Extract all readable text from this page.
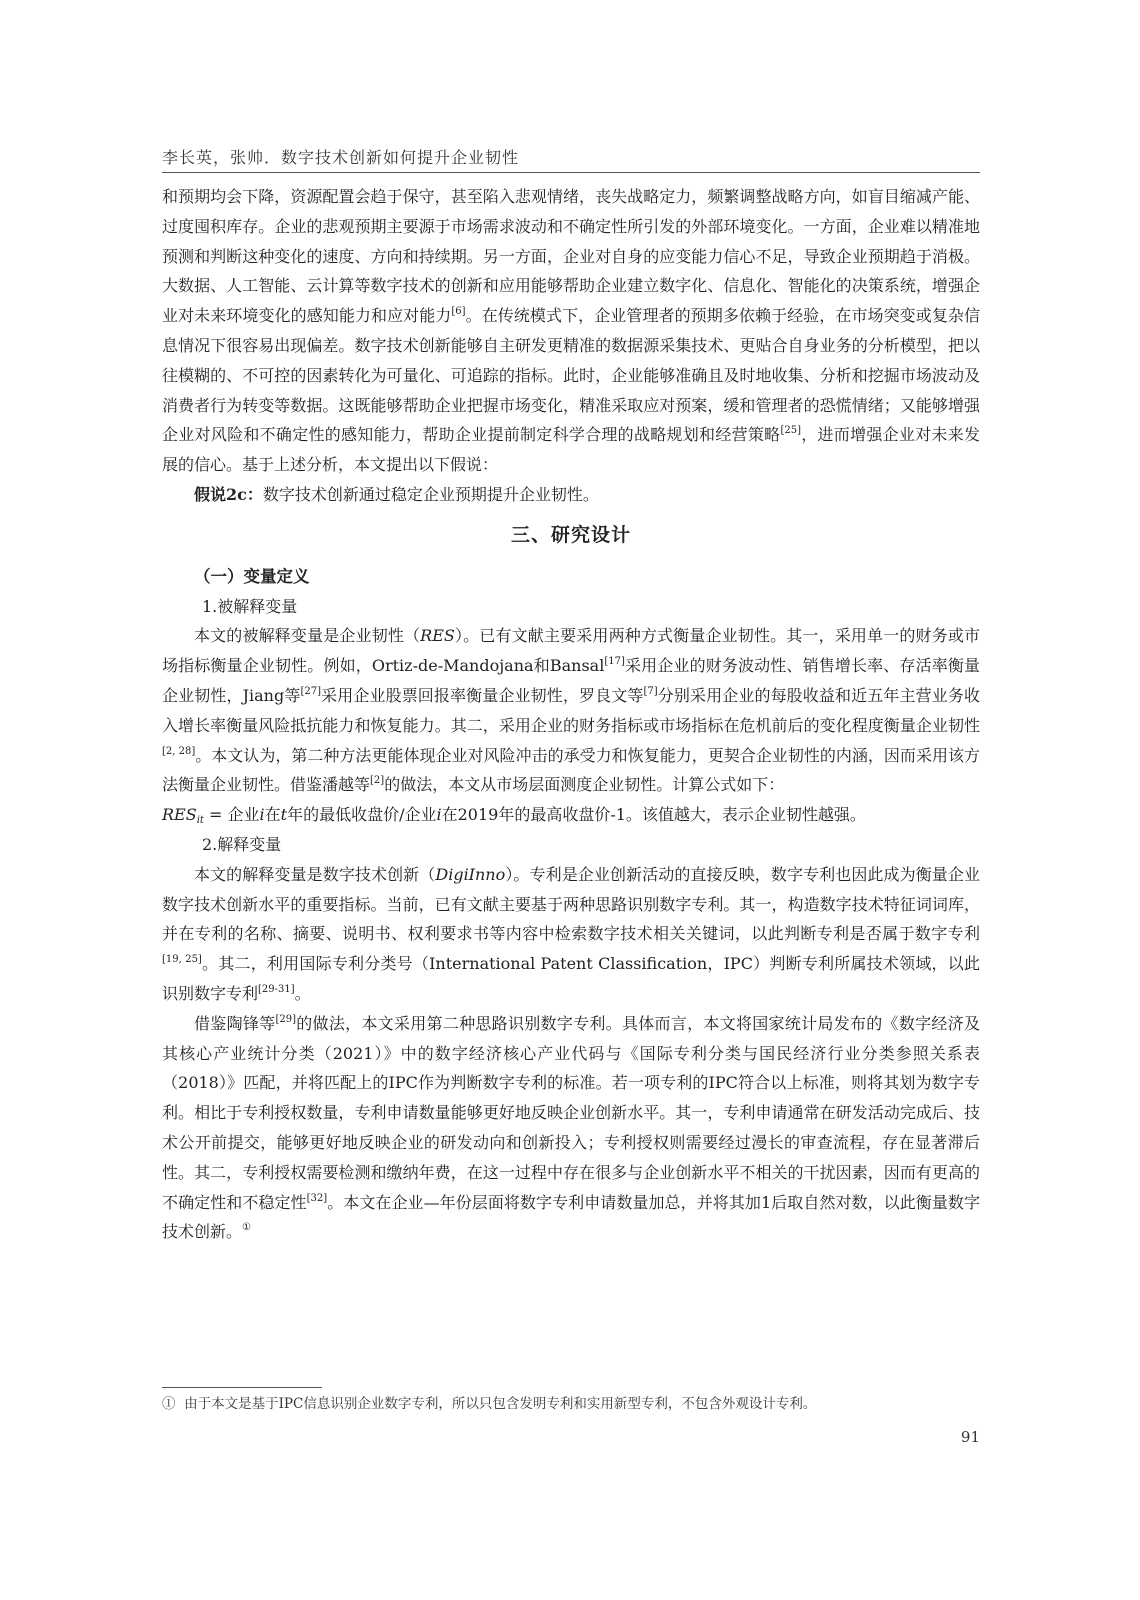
李长英，张帅．数字技术创新如何提升企业韧性

和预期均会下降，资源配置会趋于保守，甚至陷入悲观情绪，丧失战略定力，频繁调整战略方向，如盲目缩减产能、过度囤积库存。企业的悲观预期主要源于市场需求波动和不确定性所引发的外部环境变化。一方面，企业难以精准地预测和判断这种变化的速度、方向和持续期。另一方面，企业对自身的应变能力信心不足，导致企业预期趋于消极。大数据、人工智能、云计算等数字技术的创新和应用能够帮助企业建立数字化、信息化、智能化的决策系统，增强企业对未来环境变化的感知能力和应对能力[6]。在传统模式下，企业管理者的预期多依赖于经验，在市场突变或复杂信息情况下很容易出现偏差。数字技术创新能够自主研发更精准的数据源采集技术、更贴合自身业务的分析模型，把以往模糊的、不可控的因素转化为可量化、可追踪的指标。此时，企业能够准确且及时地收集、分析和挖掘市场波动及消费者行为转变等数据。这既能够帮助企业把握市场变化，精准采取应对预案，缓和管理者的恐慌情绪；又能够增强企业对风险和不确定性的感知能力，帮助企业提前制定科学合理的战略规划和经营策略[25]，进而增强企业对未来发展的信心。基于上述分析，本文提出以下假说：

假说2c：数字技术创新通过稳定企业预期提升企业韧性。

三、研究设计

（一）变量定义

1.被解释变量

本文的被解释变量是企业韧性（RES）。已有文献主要采用两种方式衡量企业韧性。其一，采用单一的财务或市场指标衡量企业韧性。例如，Ortiz-de-Mandojana和Bansal[17]采用企业的财务波动性、销售增长率、存活率衡量企业韧性，Jiang等[27]采用企业股票回报率衡量企业韧性，罗良文等[7]分别采用企业的每股收益和近五年主营业务收入增长率衡量风险抵抗能力和恢复能力。其二，采用企业的财务指标或市场指标在危机前后的变化程度衡量企业韧性[2, 28]。本文认为，第二种方法更能体现企业对风险冲击的承受力和恢复能力，更契合企业韧性的内涵，因而采用该方法衡量企业韧性。借鉴潘越等[2]的做法，本文从市场层面测度企业韧性。计算公式如下：

$RES_{it}$ = 企业i在t年的最低收盘价/企业i在2019年的最高收盘价-1。该值越大，表示企业韧性越强。

2.解释变量

本文的解释变量是数字技术创新（DigiInno）。专利是企业创新活动的直接反映，数字专利也因此成为衡量企业数字技术创新水平的重要指标。当前，已有文献主要基于两种思路识别数字专利。其一，构造数字技术特征词词库，并在专利的名称、摘要、说明书、权利要求书等内容中检索数字技术相关关键词，以此判断专利是否属于数字专利[19, 25]。其二，利用国际专利分类号（International Patent Classification，IPC）判断专利所属技术领域，以此识别数字专利[29-31]。

借鉴陶锋等[29]的做法，本文采用第二种思路识别数字专利。具体而言，本文将国家统计局发布的《数字经济及其核心产业统计分类（2021）》中的数字经济核心产业代码与《国际专利分类与国民经济行业分类参照关系表（2018）》匹配，并将匹配上的IPC作为判断数字专利的标准。若一项专利的IPC符合以上标准，则将其划为数字专利。相比于专利授权数量，专利申请数量能够更好地反映企业创新水平。其一，专利申请通常在研发活动完成后、技术公开前提交，能够更好地反映企业的研发动向和创新投入；专利授权则需要经过漫长的审查流程，存在显著滞后性。其二，专利授权需要检测和缴纳年费，在这一过程中存在很多与企业创新水平不相关的干扰因素，因而有更高的不确定性和不稳定性[32]。本文在企业—年份层面将数字专利申请数量加总，并将其加1后取自然对数，以此衡量数字技术创新。①

① 由于本文是基于IPC信息识别企业数字专利，所以只包含发明专利和实用新型专利，不包含外观设计专利。
91
